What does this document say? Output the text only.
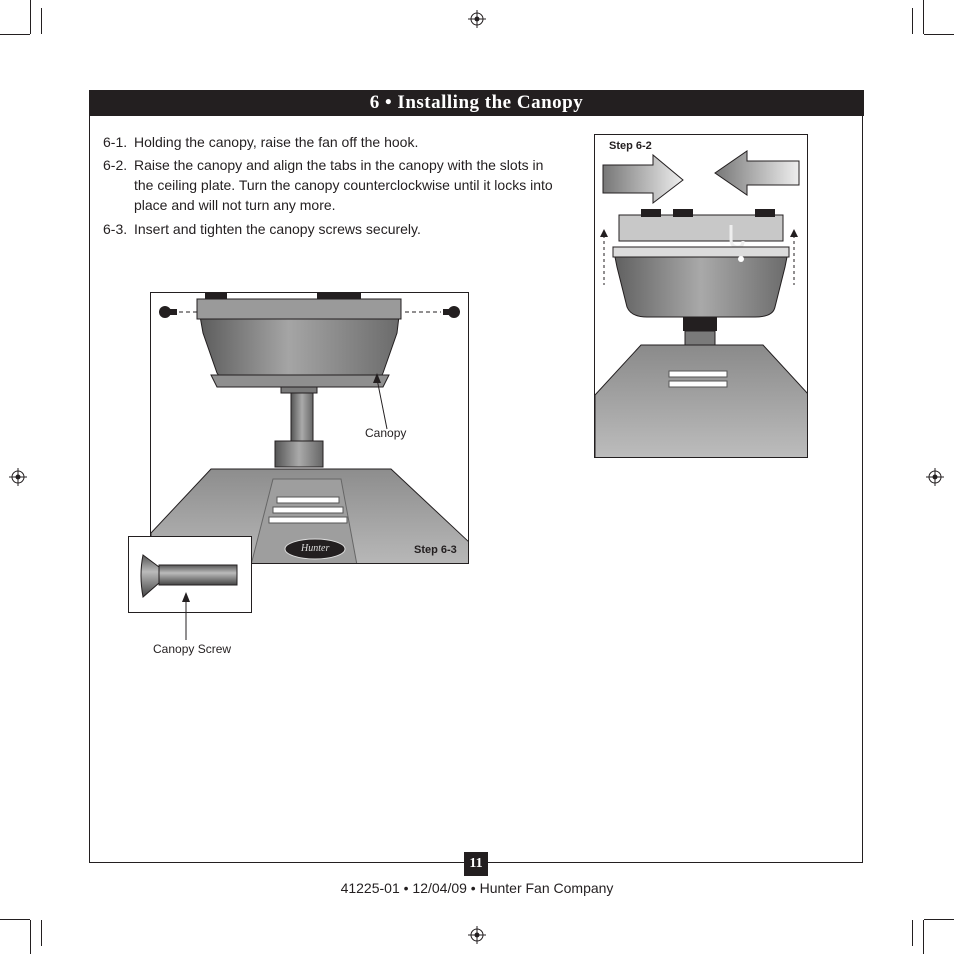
6 • Installing the Canopy
6-1. Holding the canopy, raise the fan off the hook.
6-2. Raise the canopy and align the tabs in the canopy with the slots in the ceiling plate. Turn the canopy counterclockwise until it locks into place and will not turn any more.
6-3. Insert and tighten the canopy screws securely.
Step 6-2
Hunter	Step 6-3
Canopy
Canopy Screw
11
41225-01 • 12/04/09 • Hunter Fan Company
